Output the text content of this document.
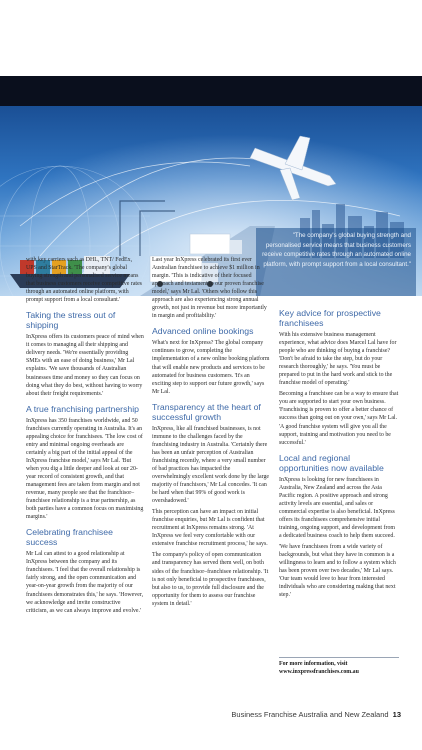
"The company's global buying strength and personalised service means that business customers receive competitive rates through an automated online platform, with prompt support from a local consultant."

with key carriers such as DHL, TNT/ FedEx, UPS and StarTrack. 'The company's global buying strength and personalised service means that business customers receive competitive rates through an automated online platform, with prompt support from a local consultant.'

Taking the stress out of shipping

InXpress offers its customers peace of mind when it comes to managing all their shipping and delivery needs. 'We're essentially providing SMEs with an ease of doing business,' Mr Lal explains. 'We save thousands of Australian businesses time and money so they can focus on doing what they do best, without having to worry about their freight requirements.'

A true franchising partnership

InXpress has 350 franchises worldwide, and 50 franchises currently operating in Australia. It's an appealing choice for franchisees. 'The low cost of entry and minimal ongoing overheads are certainly a big part of the initial appeal of the InXpress franchise model,' says Mr Lal. 'But when you dig a little deeper and look at our 20-year record of consistent growth, and that management fees are taken from margin and not revenue, many people see that the franchisor–franchisee relationship is a true partnership, as both parties have a common focus on maximising margins.'

Celebrating franchisee success

Mr Lal can attest to a good relationship at InXpress between the company and its franchisees. 'I feel that the overall relationship is fairly strong, and the open communication and year-on-year growth from the majority of our franchisees demonstrates this,' he says. 'However, we acknowledge and invite constructive criticism, as we can always improve and evolve.'

Last year InXpress celebrated its first ever Australian franchisee to achieve $1 million in margin. 'This is indicative of their focused approach and testament to our proven franchise model,' says Mr Lal. 'Others who follow this approach are also experiencing strong annual growth, not just in revenue but more importantly in margin and profitability.'

Advanced online bookings

What's next for InXpress? The global company continues to grow, completing the implementation of a new online booking platform that will enable new products and services to be automated for business customers. 'It's an exciting step to support our future growth,' says Mr Lal.

Transparency at the heart of successful growth

InXpress, like all franchised businesses, is not immune to the challenges faced by the franchising industry in Australia. 'Certainly there has been an unfair perception of Australian franchising recently, where a very small number of bad practices has impacted the overwhelmingly excellent work done by the large majority of franchisors,' Mr Lal concedes. 'It can be hard when that 99% of good work is overshadowed.'

This perception can have an impact on initial franchise enquiries, but Mr Lal is confident that recruitment at InXpress remains strong. 'At InXpress we feel very comfortable with our extensive franchise recruitment process,' he says.

The company's policy of open communication and transparency has served them well, on both sides of the franchisor–franchisee relationship. 'It is not only beneficial to prospective franchisees, but also to us, to provide full disclosure and the opportunity for them to assess our franchise system in detail.'

Key advice for prospective franchisees

With his extensive business management experience, what advice does Marcel Lal have for people who are thinking of buying a franchise? 'Don't be afraid to take the step, but do your research thoroughly,' he says. 'You must be prepared to put in the hard work and stick to the franchise model of operating.'

Becoming a franchisee can be a way to ensure that you are supported to start your own business. 'Franchising is proven to offer a better chance of success than going out on your own,' says Mr Lal. 'A good franchise system will give you all the support, training and motivation you need to be successful.'

Local and regional opportunities now available

InXpress is looking for new franchisees in Australia, New Zealand and across the Asia Pacific region. A positive approach and strong activity levels are essential, and sales or commercial expertise is also beneficial. InXpress offers its franchisees comprehensive initial training, ongoing support, and development from a dedicated business coach to help them succeed.

'We have franchisees from a wide variety of backgrounds, but what they have in common is a willingness to learn and to follow a system which has been proven over two decades,' Mr Lal says. 'Our team would love to hear from interested individuals who are considering making that next step.'

For more information, visit www.inxpressfranchises.com.au

Business Franchise Australia and New Zealand 13
